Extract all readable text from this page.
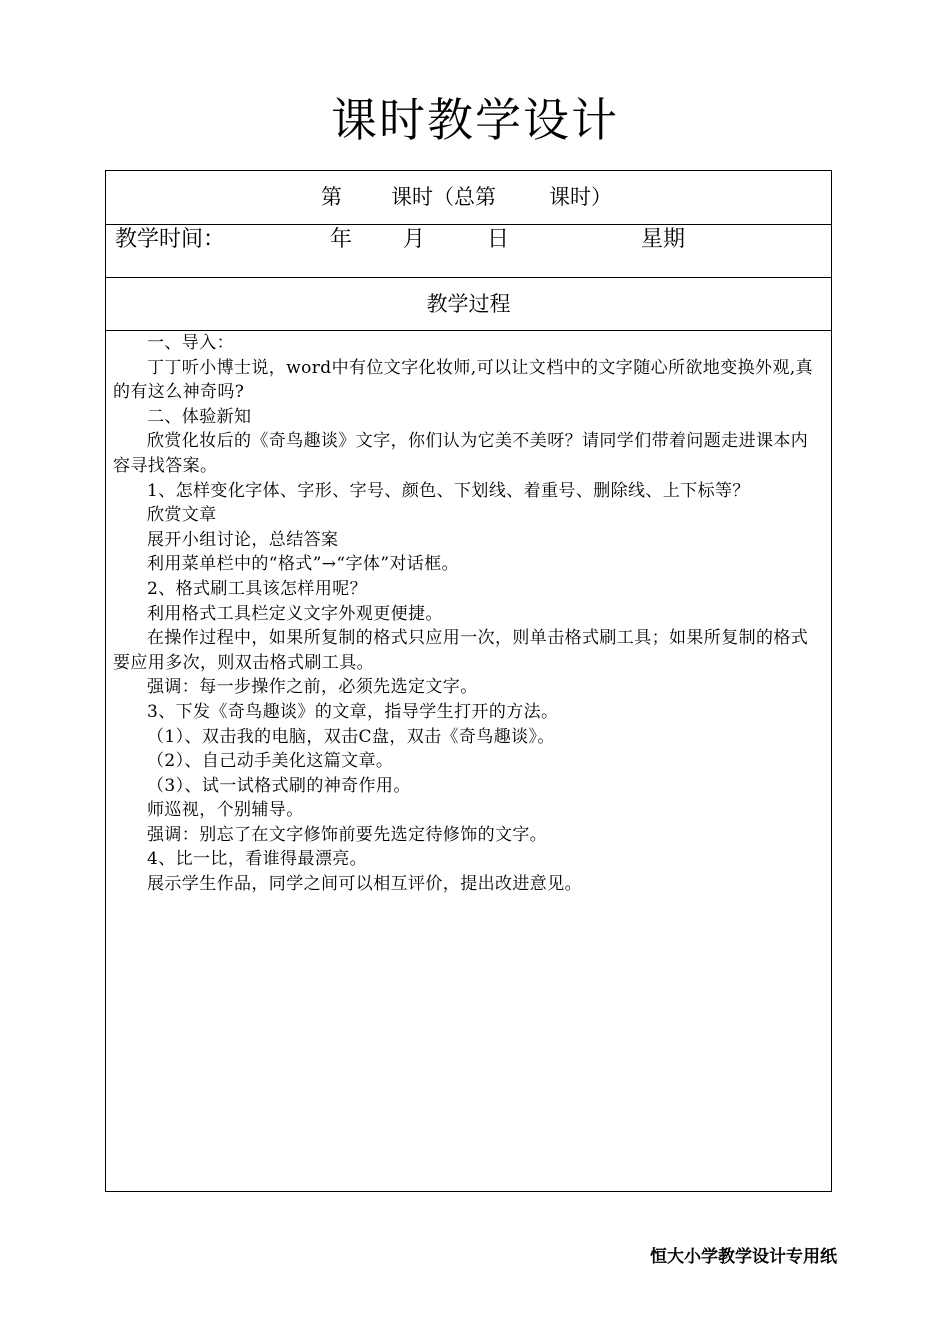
课时教学设计
第 课时（总第	课时）
教学时间：	年 月	日	星期
教学过程

一、导入：

丁丁听小博士说，word中有位文字化妆师,可以让文档中的文字随心所欲地变换外观,真的有这么神奇吗?

二、体验新知

欣赏化妆后的《奇鸟趣谈》文字，你们认为它美不美呀？请同学们带着问题走进课本内容寻找答案。

1、怎样变化字体、字形、字号、颜色、下划线、着重号、删除线、上下标等？

欣赏文章

展开小组讨论，总结答案

利用菜单栏中的“格式”→“字体”对话框。

2、格式刷工具该怎样用呢？

利用格式工具栏定义文字外观更便捷。

在操作过程中，如果所复制的格式只应用一次，则单击格式刷工具；如果所复制的格式要应用多次，则双击格式刷工具。

强调：每一步操作之前，必须先选定文字。

3、下发《奇鸟趣谈》的文章，指导学生打开的方法。

（1）、双击我的电脑，双击C盘，双击《奇鸟趣谈》。

（2）、自己动手美化这篇文章。

（3）、试一试格式刷的神奇作用。

师巡视，个别辅导。

强调：别忘了在文字修饰前要先选定待修饰的文字。

4、比一比，看谁得最漂亮。

展示学生作品，同学之间可以相互评价，提出改进意见。

恒大小学教学设计专用纸
